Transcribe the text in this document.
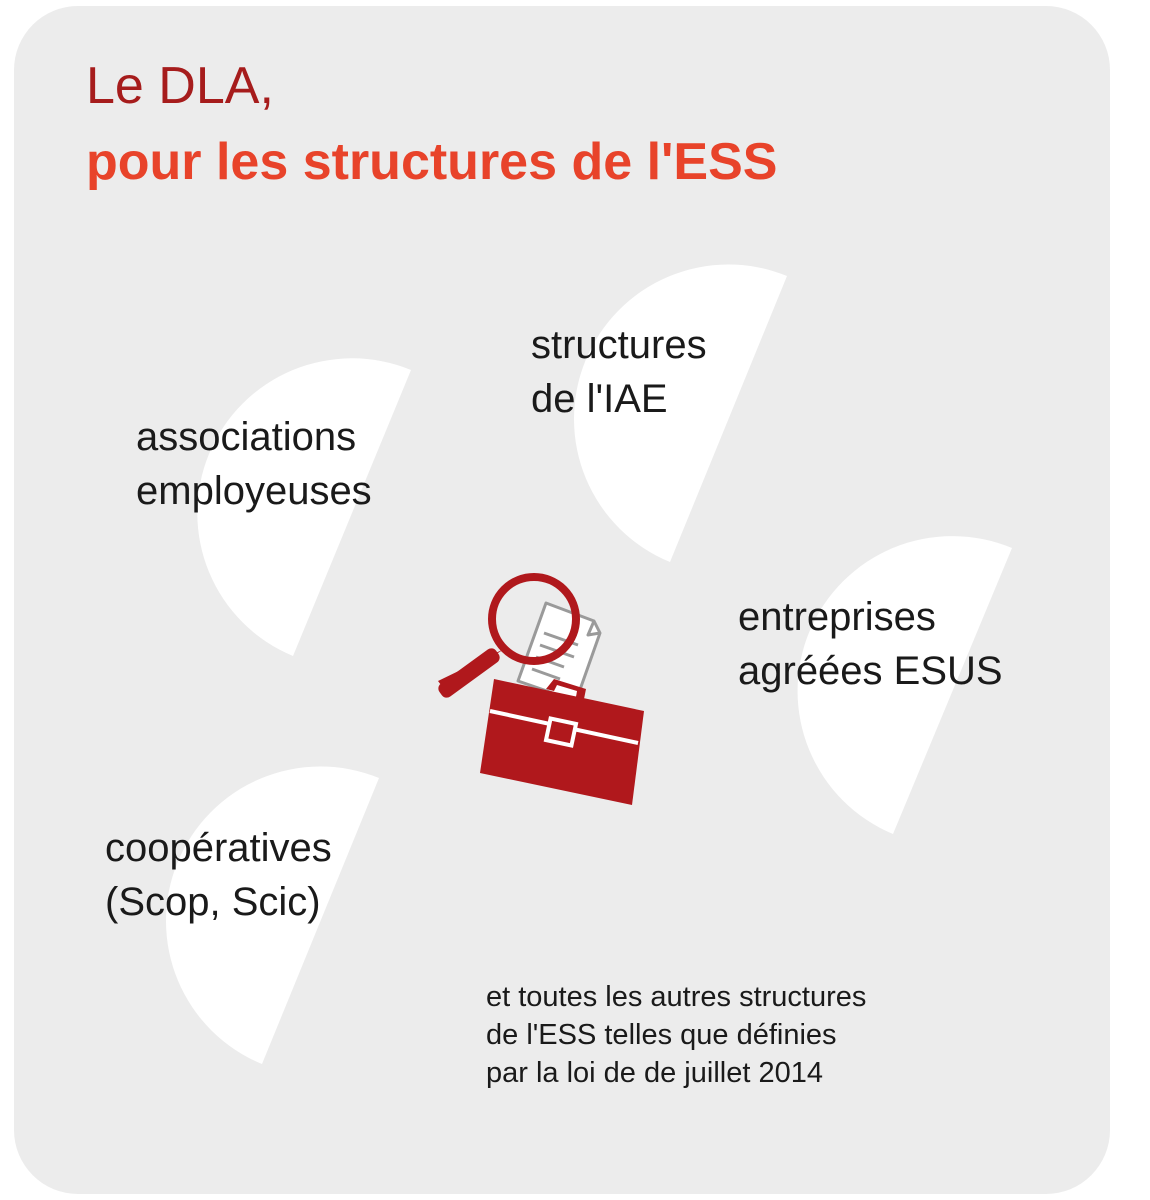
Le DLA,
pour les structures de l'ESS
associations
employeuses
structures
de l'IAE
entreprises
agréées ESUS
coopératives
(Scop, Scic)
et toutes les autres structures
de l'ESS telles que définies
par la loi de de juillet 2014
